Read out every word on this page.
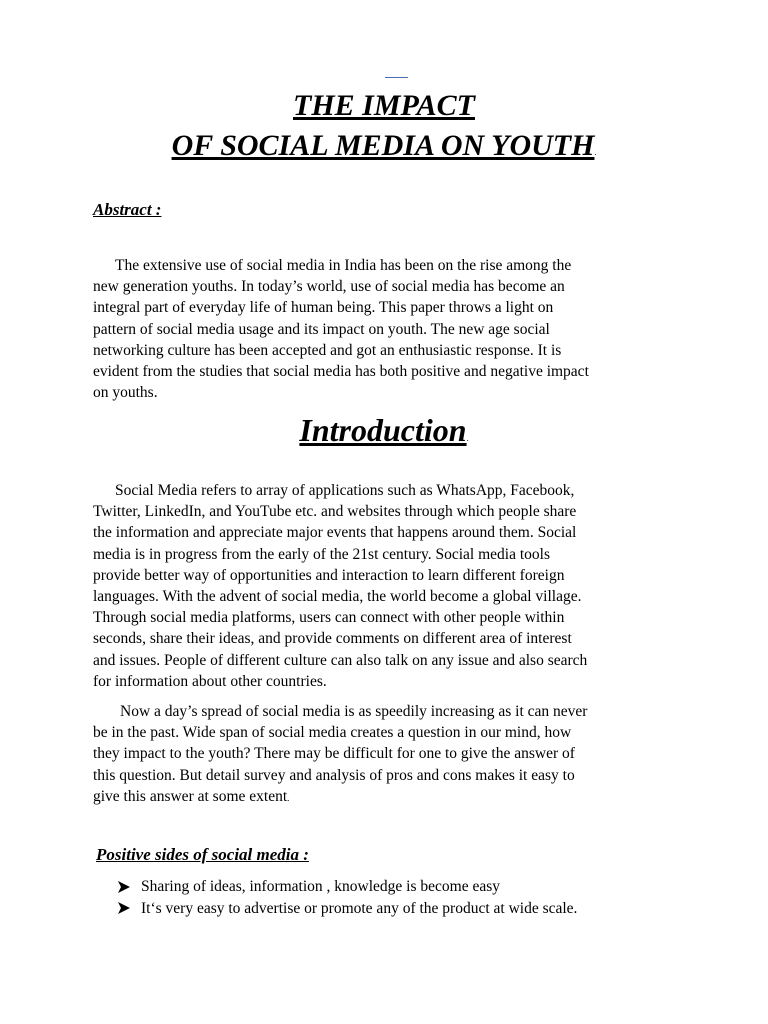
THE IMPACT
OF SOCIAL MEDIA ON YOUTH.
Abstract :

The extensive use of social media in India has been on the rise among the
new generation youths. In today’s world, use of social media has become an
integral part of everyday life of human being. This paper throws a light on
pattern of social media usage and its impact on youth. The new age social
networking culture has been accepted and got an enthusiastic response. It is
evident from the studies that social media has both positive and negative impact
on youths.

Introduction.

Social Media refers to array of applications such as WhatsApp, Facebook,
Twitter, LinkedIn, and YouTube etc. and websites through which people share
the information and appreciate major events that happens around them. Social
media is in progress from the early of the 21st century. Social media tools
provide better way of opportunities and interaction to learn different foreign
languages. With the advent of social media, the world become a global village.
Through social media platforms, users can connect with other people within
seconds, share their ideas, and provide comments on different area of interest
and issues. People of different culture can also talk on any issue and also search
for information about other countries.

Now a day’s spread of social media is as speedily increasing as it can never
be in the past. Wide span of social media creates a question in our mind, how
they impact to the youth? There may be difficult for one to give the answer of
this question. But detail survey and analysis of pros and cons makes it easy to
give this answer at some extent.

Positive sides of social media :
Sharing of ideas, information , knowledge is become easy
It‘s very easy to advertise or promote any of the product at wide scale.
